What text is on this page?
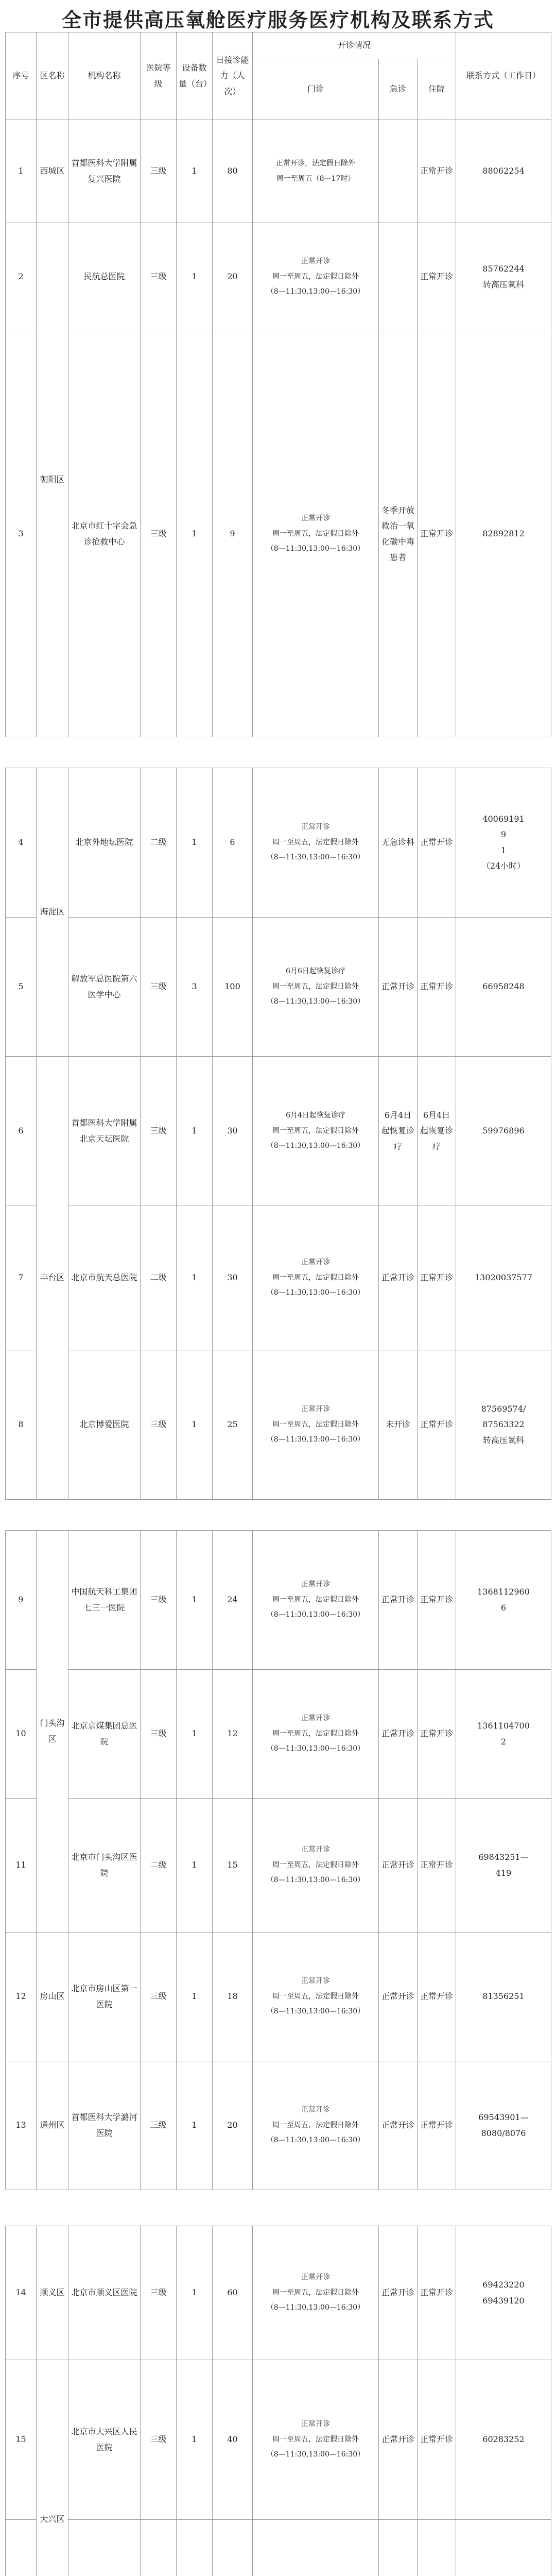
全市提供高压氧舱医疗服务医疗机构及联系方式
序号	区名称	机构名称	医院等级	设备数量（台）	日接诊能力（人次）	开诊情况			联系方式（工作日）
						门诊	急诊	住院	
1	西城区	首都医科大学附属复兴医院	三级	1	80	正常开诊，法定假日除外
周一至周五（8—17时）		正常开诊	88062254

2	朝阳区	民航总医院	三级	1	20	正常开诊
周一至周五，法定假日除外
（8—11:30,13:00—16:30）		正常开诊	85762244
转高压氧科

3		北京市红十字会急诊抢救中心	三级	1	9	正常开诊
周一至周五，法定假日除外
（8—11:30,13:00—16:30）	冬季开放救治一氧化碳中毒患者	正常开诊	82892812
4	海淀区	北京外地坛医院	二级	1	6	正常开诊
周一至周五，法定假日除外
（8—11:30,13:00—16:30）	无急诊科	正常开诊	40069191
9
1
（24小时）

5		解放军总医院第六医学中心	三级	3	100	6月6日起恢复诊疗
周一至周五，法定假日除外
（8—11:30,13:00—16:30）	正常开诊	正常开诊	66958248

6	丰台区	首都医科大学附属北京天坛医院	三级	1	30	6月4日起恢复诊疗
周一至周五，法定假日除外
（8—11:30,13:00—16:30）	6月4日起恢复诊疗	6月4日起恢复诊疗	59976896

7		北京市航天总医院	二级	1	30	正常开诊
周一至周五，法定假日除外
（8—11:30,13:00—16:30）	正常开诊	正常开诊	13020037577

8		北京博爱医院	三级	1	25	正常开诊
周一至周五，法定假日除外
（8—11:30,13:00—16:30）	未开诊	正常开诊	87569574/
87563322
转高压氧科
9	门头沟区	中国航天科工集团七三一医院	三级	1	24	正常开诊
周一至周五，法定假日除外
（8—11:30,13:00—16:30）	正常开诊	正常开诊	1368112960
6

10		北京京煤集团总医院	三级	1	12	正常开诊
周一至周五，法定假日除外
（8—11:30,13:00—16:30）	正常开诊	正常开诊	1361104700
2

11		北京市门头沟区医院	二级	1	15	正常开诊
周一至周五，法定假日除外
（8—11:30,13:00—16:30）	正常开诊	正常开诊	69843251—
419

12	房山区	北京市房山区第一医院	三级	1	18	正常开诊
周一至周五，法定假日除外
（8—11:30,13:00—16:30）	正常开诊	正常开诊	81356251

13	通州区	首都医科大学潞河医院	三级	1	20	正常开诊
周一至周五，法定假日除外
（8—11:30,13:00—16:30）	正常开诊	正常开诊	69543901—
8080/8076
14	顺义区	北京市顺义区医院	三级	1	60	正常开诊
周一至周五，法定假日除外
（8—11:30,13:00—16:30）	正常开诊	正常开诊	69423220
69439120

15	大兴区	北京市大兴区人民医院	三级	1	40	正常开诊
周一至周五，法定假日除外
（8—11:30,13:00—16:30）	正常开诊	正常开诊	60283252
